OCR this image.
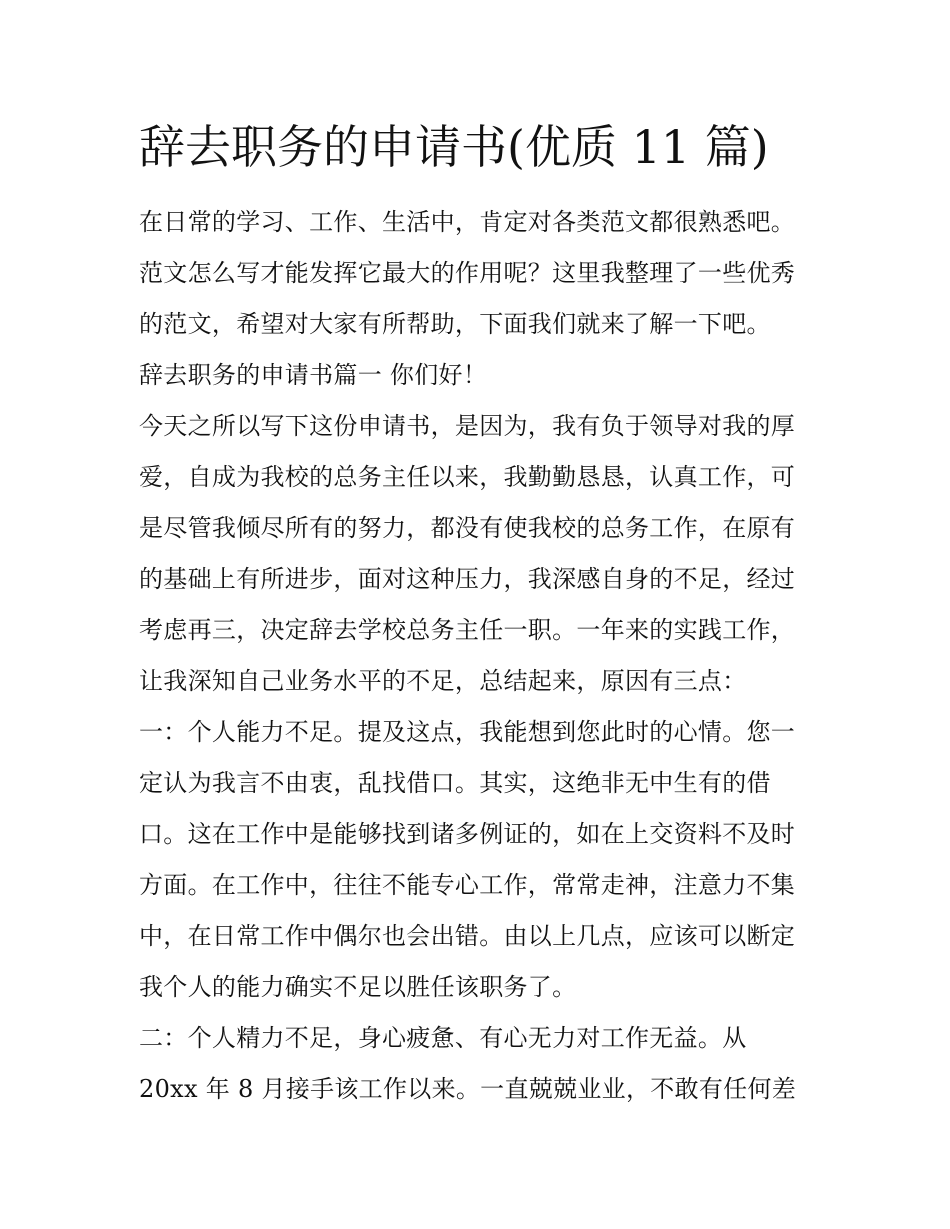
辞去职务的申请书(优质 11 篇)
在日常的学习、工作、生活中，肯定对各类范文都很熟悉吧。
范文怎么写才能发挥它最大的作用呢？这里我整理了一些优秀
的范文，希望对大家有所帮助，下面我们就来了解一下吧。
辞去职务的申请书篇一 你们好！
今天之所以写下这份申请书，是因为，我有负于领导对我的厚
爱，自成为我校的总务主任以来，我勤勤恳恳，认真工作，可
是尽管我倾尽所有的努力，都没有使我校的总务工作，在原有
的基础上有所进步，面对这种压力，我深感自身的不足，经过
考虑再三，决定辞去学校总务主任一职。一年来的实践工作，
让我深知自己业务水平的不足，总结起来，原因有三点：
一：个人能力不足。提及这点，我能想到您此时的心情。您一
定认为我言不由衷，乱找借口。其实，这绝非无中生有的借
口。这在工作中是能够找到诸多例证的，如在上交资料不及时
方面。在工作中，往往不能专心工作，常常走神，注意力不集
中，在日常工作中偶尔也会出错。由以上几点，应该可以断定
我个人的能力确实不足以胜任该职务了。
二：个人精力不足，身心疲惫、有心无力对工作无益。从
20xx 年 8 月接手该工作以来。一直兢兢业业，不敢有任何差
